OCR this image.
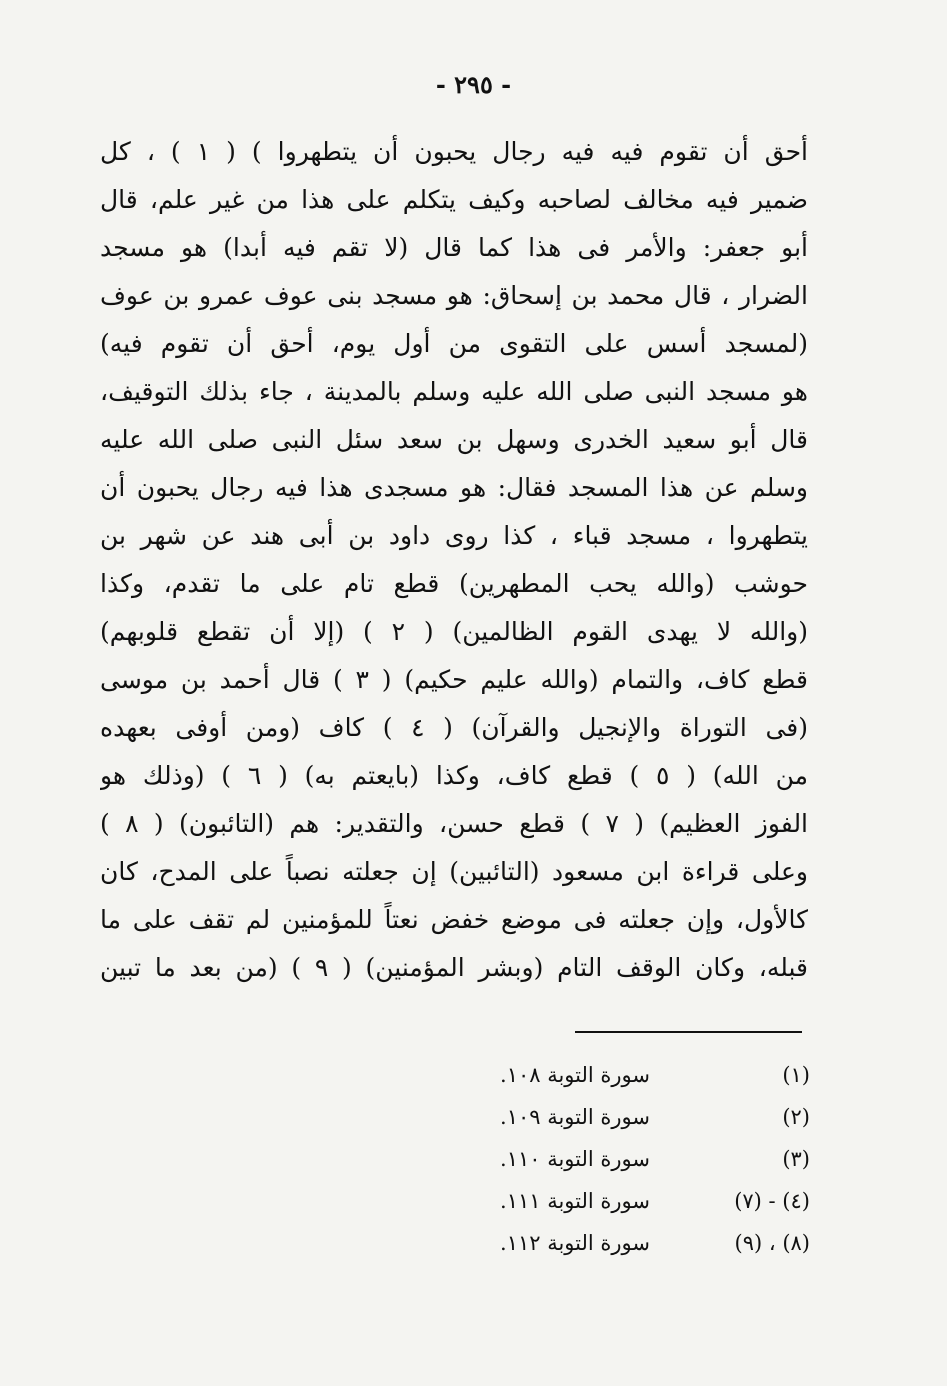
- ٢٩٥ -
أحق أن تقوم فيه فيه رجال يحبون أن يتطهروا ) ( ١ ) ، كل
ضمير فيه مخالف لصاحبه وكيف يتكلم على هذا من غير علم، قال
أبو جعفر: والأمر فى هذا كما قال (لا تقم فيه أبدا) هو مسجد
الضرار ، قال محمد بن إسحاق: هو مسجد بنى عوف عمرو بن عوف
(لمسجد أسس على التقوى من أول يوم، أحق أن تقوم فيه)
هو مسجد النبى صلى الله عليه وسلم بالمدينة ، جاء بذلك التوقيف،
قال أبو سعيد الخدرى وسهل بن سعد سئل النبى صلى الله عليه
وسلم عن هذا المسجد فقال: هو مسجدى هذا فيه رجال يحبون أن
يتطهروا ، مسجد قباء ، كذا روى داود بن أبى هند عن شهر بن
حوشب (والله يحب المطهرين) قطع تام على ما تقدم، وكذا
(والله لا يهدى القوم الظالمين) ( ٢ ) (إلا أن تقطع قلوبهم)
قطع كاف، والتمام (والله عليم حكيم) ( ٣ ) قال أحمد بن موسى
(فى التوراة والإنجيل والقرآن) ( ٤ ) كاف (ومن أوفى بعهده
من الله) ( ٥ ) قطع كاف، وكذا (بايعتم به) ( ٦ ) (وذلك هو
الفوز العظيم) ( ٧ ) قطع حسن، والتقدير: هم (التائبون) ( ٨ )
وعلى قراءة ابن مسعود (التائبين) إن جعلته نصباً على المدح، كان
كالأول، وإن جعلته فى موضع خفض نعتاً للمؤمنين لم تقف على ما
قبله، وكان الوقف التام (وبشر المؤمنين) ( ٩ ) (من بعد ما تبين
(١)
سورة التوبة ١٠٨.
(٢)
سورة التوبة ١٠٩.
(٣)
سورة التوبة ١١٠.
(٤) - (٧)
سورة التوبة ١١١.
(٨) ، (٩)
سورة التوبة ١١٢.
